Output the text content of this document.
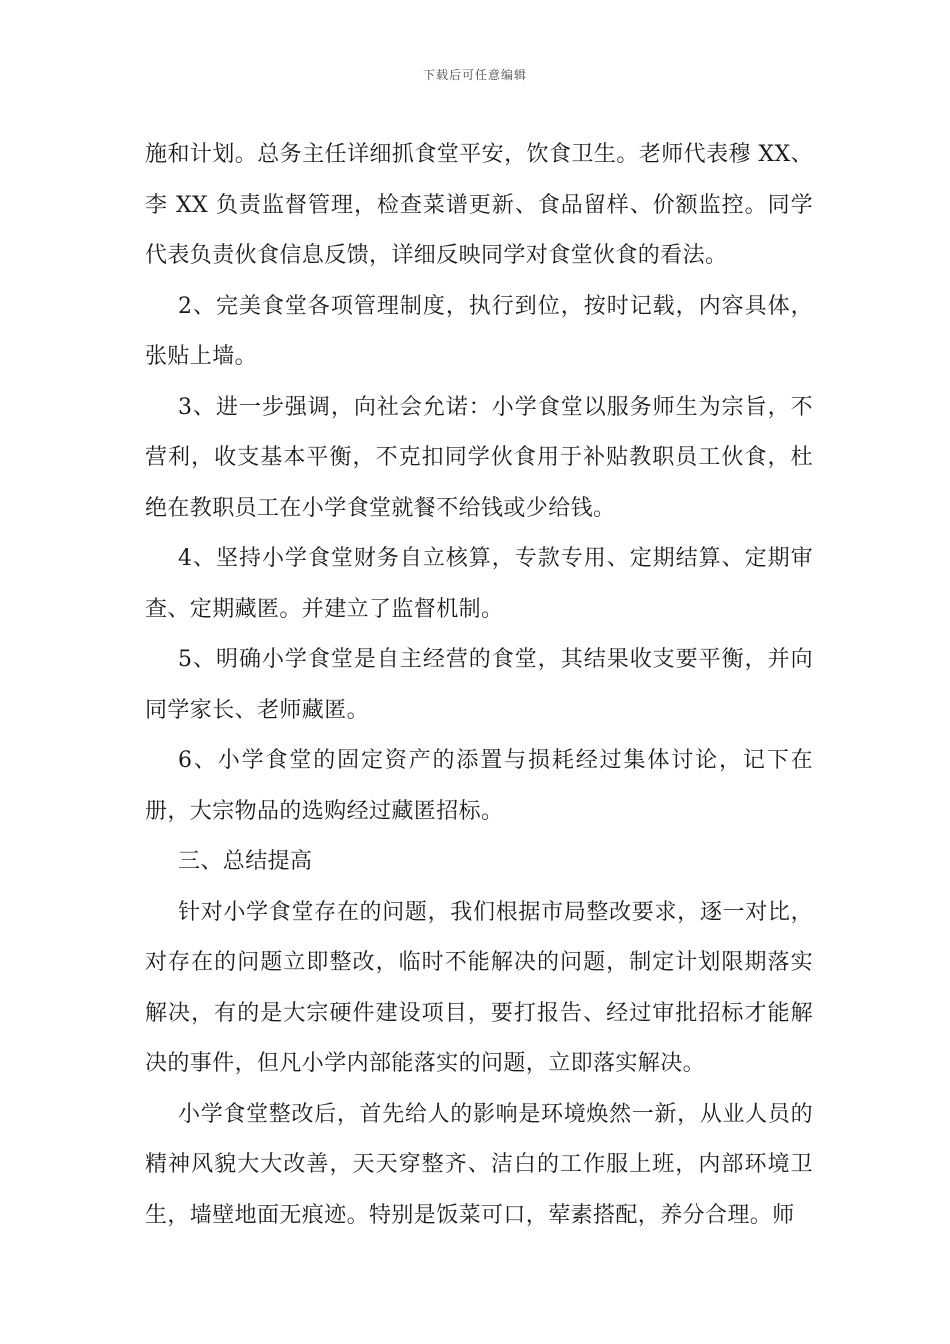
下载后可任意编辑

施和计划。总务主任详细抓食堂平安，饮食卫生。老师代表穆 XX、李 XX 负责监督管理，检查菜谱更新、食品留样、价额监控。同学代表负责伙食信息反馈，详细反映同学对食堂伙食的看法。

2、完美食堂各项管理制度，执行到位，按时记载，内容具体，张贴上墙。

3、进一步强调，向社会允诺：小学食堂以服务师生为宗旨，不营利，收支基本平衡，不克扣同学伙食用于补贴教职员工伙食，杜绝在教职员工在小学食堂就餐不给钱或少给钱。

4、坚持小学食堂财务自立核算，专款专用、定期结算、定期审查、定期藏匿。并建立了监督机制。

5、明确小学食堂是自主经营的食堂，其结果收支要平衡，并向同学家长、老师藏匿。

6、小学食堂的固定资产的添置与损耗经过集体讨论，记下在册，大宗物品的选购经过藏匿招标。

三、总结提高

针对小学食堂存在的问题，我们根据市局整改要求，逐一对比，对存在的问题立即整改，临时不能解决的问题，制定计划限期落实解决，有的是大宗硬件建设项目，要打报告、经过审批招标才能解决的事件，但凡小学内部能落实的问题，立即落实解决。

小学食堂整改后，首先给人的影响是环境焕然一新，从业人员的精神风貌大大改善，天天穿整齐、洁白的工作服上班，内部环境卫生，墙壁地面无痕迹。特别是饭菜可口，荤素搭配，养分合理。师
